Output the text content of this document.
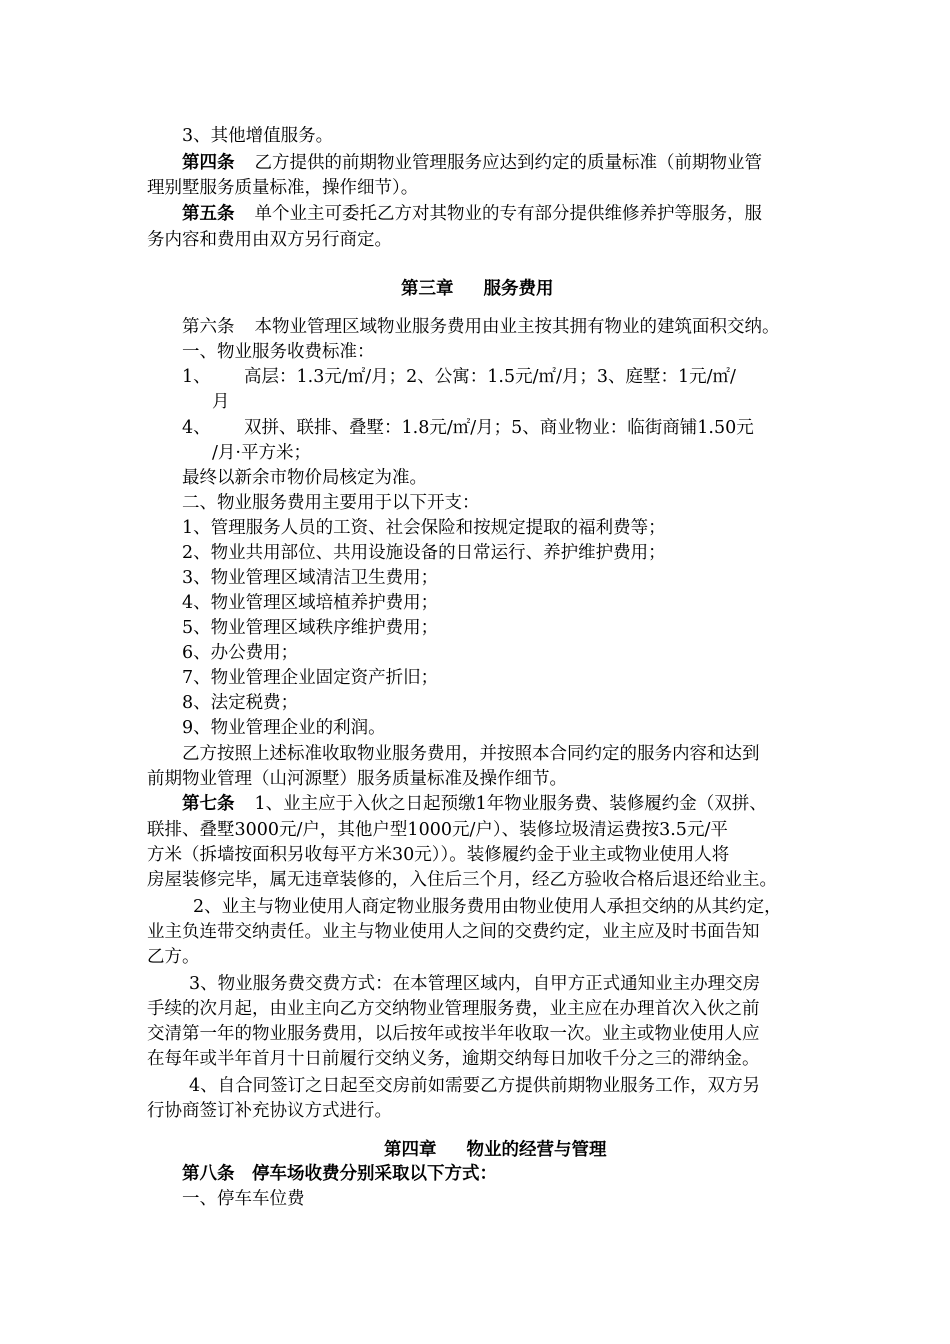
3、其他增值服务。
第四条 乙方提供的前期物业管理服务应达到约定的质量标准（前期物业管
理别墅服务质量标准，操作细节）。
第五条 单个业主可委托乙方对其物业的专有部分提供维修养护等服务，服
务内容和费用由双方另行商定。
第三章 服务费用
第六条 本物业管理区域物业服务费用由业主按其拥有物业的建筑面积交纳。
一、物业服务收费标准：
1、 高层：1.3元/㎡/月；2、公寓：1.5元/㎡/月；3、庭墅：1元/㎡/
月
4、 双拼、联排、叠墅：1.8元/㎡/月；5、商业物业：临街商铺1.50元
/月·平方米；
最终以新余市物价局核定为准。
二、物业服务费用主要用于以下开支：
1、管理服务人员的工资、社会保险和按规定提取的福利费等；
2、物业共用部位、共用设施设备的日常运行、养护维护费用；
3、物业管理区域清洁卫生费用；
4、物业管理区域培植养护费用；
5、物业管理区域秩序维护费用；
6、办公费用；
7、物业管理企业固定资产折旧；
8、法定税费；
9、物业管理企业的利润。
乙方按照上述标准收取物业服务费用，并按照本合同约定的服务内容和达到
前期物业管理（山河源墅）服务质量标准及操作细节。
第七条 1、业主应于入伙之日起预缴1年物业服务费、装修履约金（双拼、
联排、叠墅3000元/户，其他户型1000元/户）、装修垃圾清运费按3.5元/平
方米（拆墙按面积另收每平方米30元））。装修履约金于业主或物业使用人将
房屋装修完毕，属无违章装修的，入住后三个月，经乙方验收合格后退还给业主。
2、业主与物业使用人商定物业服务费用由物业使用人承担交纳的从其约定，
业主负连带交纳责任。业主与物业使用人之间的交费约定，业主应及时书面告知
乙方。
3、物业服务费交费方式：在本管理区域内，自甲方正式通知业主办理交房
手续的次月起，由业主向乙方交纳物业管理服务费，业主应在办理首次入伙之前
交清第一年的物业服务费用，以后按年或按半年收取一次。业主或物业使用人应
在每年或半年首月十日前履行交纳义务，逾期交纳每日加收千分之三的滞纳金。
4、自合同签订之日起至交房前如需要乙方提供前期物业服务工作，双方另
行协商签订补充协议方式进行。
第四章 物业的经营与管理
第八条　停车场收费分别采取以下方式：
一、停车车位费
